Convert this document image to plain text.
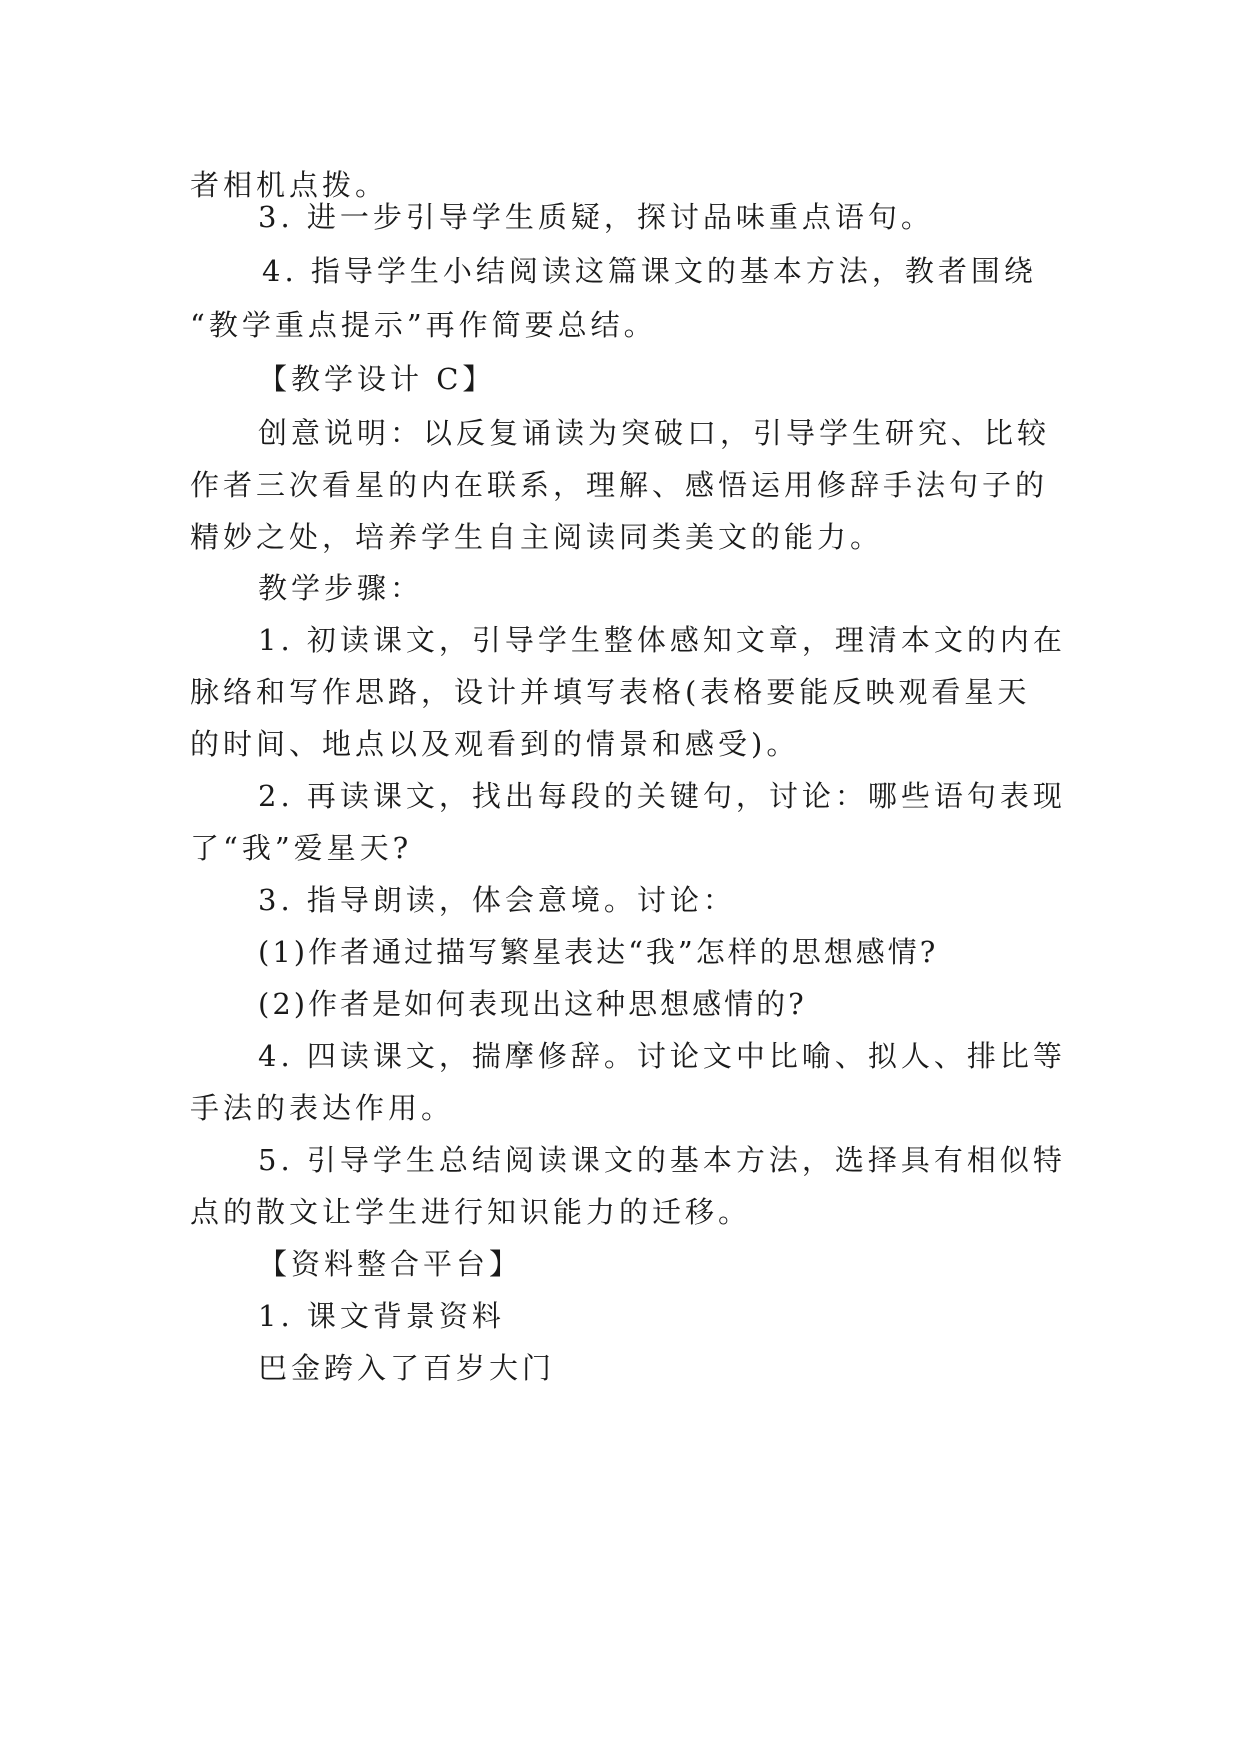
者相机点拨。
3. 进一步引导学生质疑，探讨品味重点语句。
4. 指导学生小结阅读这篇课文的基本方法，教者围绕
“教学重点提示”再作简要总结。
【教学设计 C】
创意说明：以反复诵读为突破口，引导学生研究、比较
作者三次看星的内在联系，理解、感悟运用修辞手法句子的
精妙之处，培养学生自主阅读同类美文的能力。
教学步骤：
1. 初读课文，引导学生整体感知文章，理清本文的内在
脉络和写作思路，设计并填写表格(表格要能反映观看星天
的时间、地点以及观看到的情景和感受)。
2. 再读课文，找出每段的关键句，讨论：哪些语句表现
了“我”爱星天?
3. 指导朗读，体会意境。讨论：
(1)作者通过描写繁星表达“我”怎样的思想感情?
(2)作者是如何表现出这种思想感情的?
4. 四读课文，揣摩修辞。讨论文中比喻、拟人、排比等
手法的表达作用。
5. 引导学生总结阅读课文的基本方法，选择具有相似特
点的散文让学生进行知识能力的迁移。
【资料整合平台】
1. 课文背景资料
巴金跨入了百岁大门
